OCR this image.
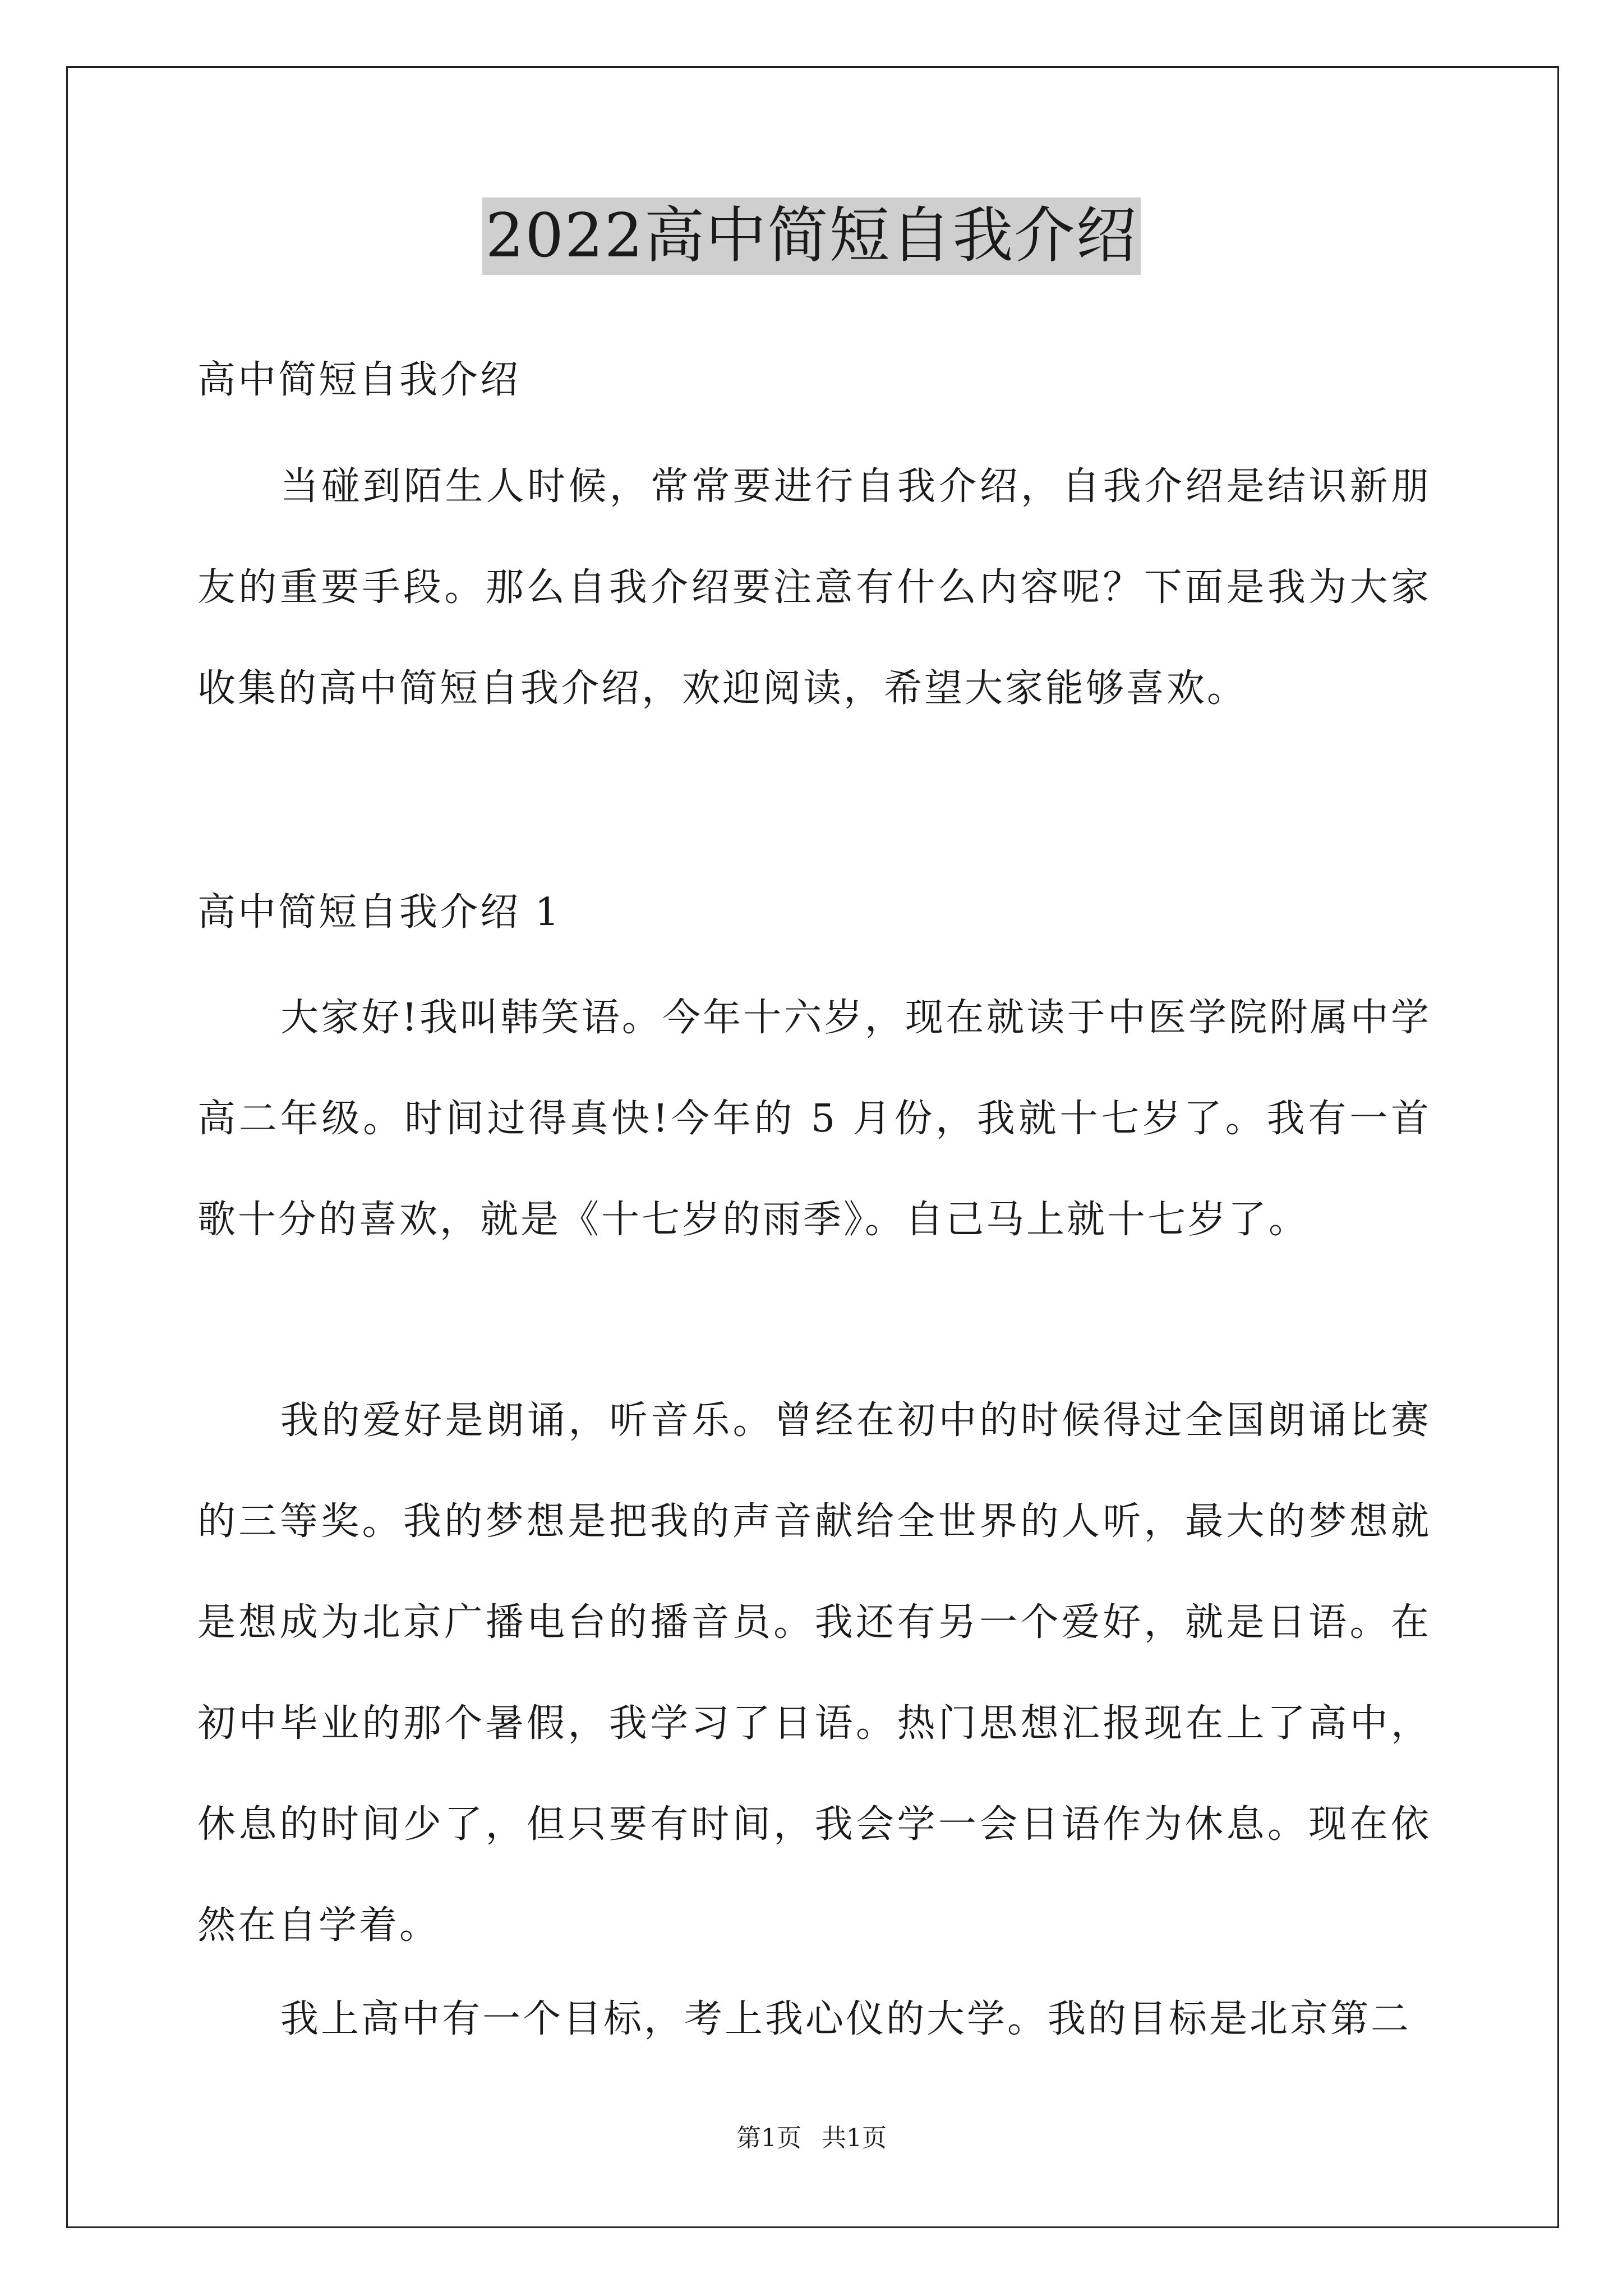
2022高中简短自我介绍
高中简短自我介绍

当碰到陌生人时候，常常要进行自我介绍，自我介绍是结识新朋友的重要手段。那么自我介绍要注意有什么内容呢？下面是我为大家收集的高中简短自我介绍，欢迎阅读，希望大家能够喜欢。

高中简短自我介绍 1

大家好!我叫韩笑语。今年十六岁，现在就读于中医学院附属中学高二年级。时间过得真快!今年的 5 月份，我就十七岁了。我有一首歌十分的喜欢，就是《十七岁的雨季》。自己马上就十七岁了。

我的爱好是朗诵，听音乐。曾经在初中的时候得过全国朗诵比赛的三等奖。我的梦想是把我的声音献给全世界的人听，最大的梦想就是想成为北京广播电台的播音员。我还有另一个爱好，就是日语。在初中毕业的那个暑假，我学习了日语。热门思想汇报现在上了高中，休息的时间少了，但只要有时间，我会学一会日语作为休息。现在依然在自学着。

我上高中有一个目标，考上我心仪的大学。我的目标是北京第二

第1页 共1页
